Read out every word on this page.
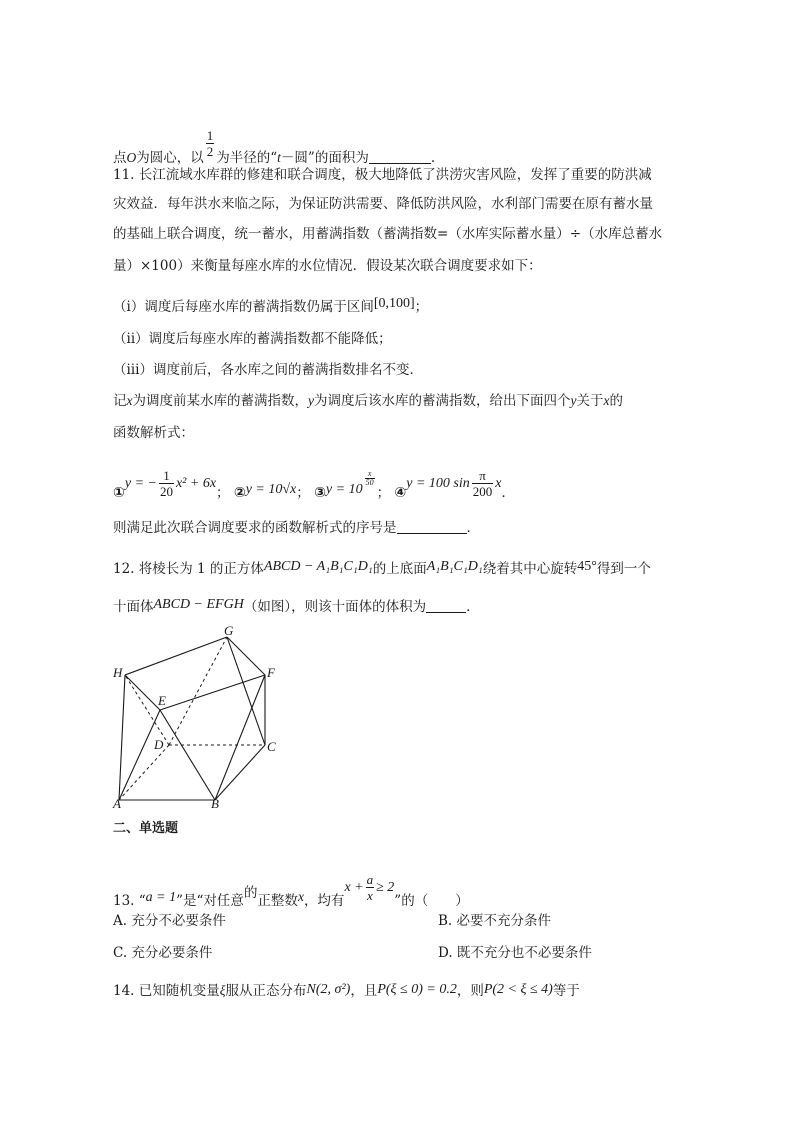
点O为圆心，以 $\frac{1}{2}$ 为半径的“t－圆”的面积为	.
11. 长江流域水库群的修建和联合调度，极大地降低了洪涝灾害风险，发挥了重要的防洪减
灾效益．每年洪水来临之际，为保证防洪需要、降低防洪风险，水利部门需要在原有蓄水量
的基础上联合调度，统一蓄水，用蓄满指数（蓄满指数=（水库实际蓄水量）÷（水库总蓄水
量）×100）来衡量每座水库的水位情况．假设某次联合调度要求如下：
（ⅰ）调度后每座水库的蓄满指数仍属于区间[0,100]；
（ⅱ）调度后每座水库的蓄满指数都不能降低；
（ⅲ）调度前后，各水库之间的蓄满指数排名不变．
记x为调度前某水库的蓄满指数，y为调度后该水库的蓄满指数，给出下面四个y关于x的
函数解析式：
①y = − $\frac{1}{20} x^2 + 6x$； ②y = 10√x； ③y = 10
$\frac{x}{50}$
； ④y = 100 $\sin \frac{\pi}{200}$ x．
则满足此次联合调度要求的函数解析式的序号是	．
12. 将棱长为 1 的正方体ABCD − A₁B₁C₁D₁的上底面A₁B₁C₁D₁绕着其中心旋转45°得到一个
十面体ABCD − EFGH（如图），则该十面体的体积为	．
G
H	F
E
D	C
A	B
二、单选题
13. “a = 1”是“对任意的正整数x，均有$x + \frac{a}{x} \ge 2$”的（　　）
A. 充分不必要条件	B. 必要不充分条件
C. 充分必要条件	D. 既不充分也不必要条件
14. 已知随机变量ξ服从正态分布N(2, σ²)，且P(ξ ≤ 0) = 0.2，则P(2 < ξ ≤ 4)等于
